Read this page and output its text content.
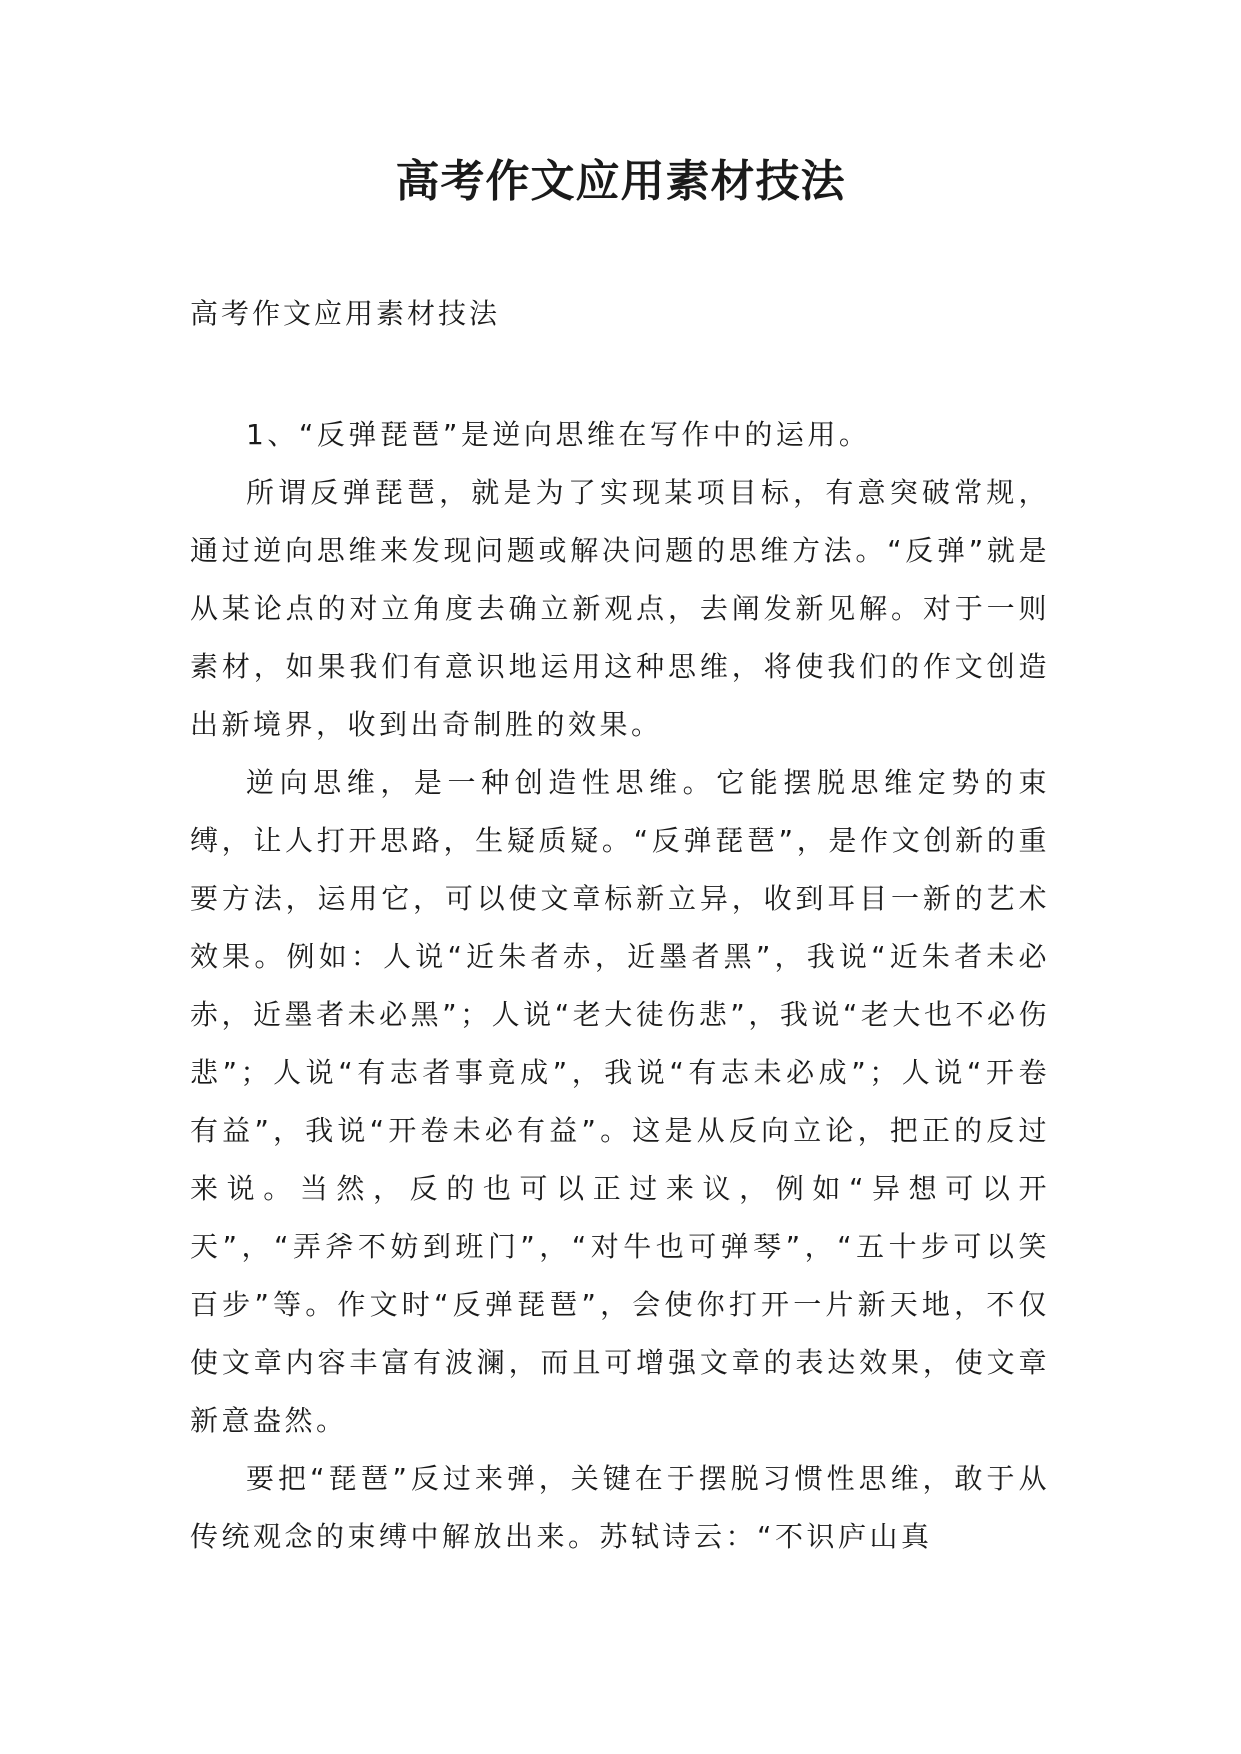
高考作文应用素材技法
高考作文应用素材技法

1、“反弹琵琶”是逆向思维在写作中的运用。

所谓反弹琵琶，就是为了实现某项目标，有意突破常规，通过逆向思维来发现问题或解决问题的思维方法。“反弹”就是从某论点的对立角度去确立新观点，去阐发新见解。对于一则素材，如果我们有意识地运用这种思维，将使我们的作文创造出新境界，收到出奇制胜的效果。

逆向思维，是一种创造性思维。它能摆脱思维定势的束缚，让人打开思路，生疑质疑。“反弹琵琶”，是作文创新的重要方法，运用它，可以使文章标新立异，收到耳目一新的艺术效果。例如：人说“近朱者赤，近墨者黑”，我说“近朱者未必赤，近墨者未必黑”；人说“老大徒伤悲”，我说“老大也不必伤悲”；人说“有志者事竟成”，我说“有志未必成”；人说“开卷有益”，我说“开卷未必有益”。这是从反向立论，把正的反过来说。当然，反的也可以正过来议，例如“异想可以开天”，“弄斧不妨到班门”，“对牛也可弹琴”，“五十步可以笑百步”等。作文时“反弹琵琶”，会使你打开一片新天地，不仅使文章内容丰富有波澜，而且可增强文章的表达效果，使文章新意盎然。

要把“琵琶”反过来弹，关键在于摆脱习惯性思维，敢于从传统观念的束缚中解放出来。苏轼诗云：“不识庐山真
